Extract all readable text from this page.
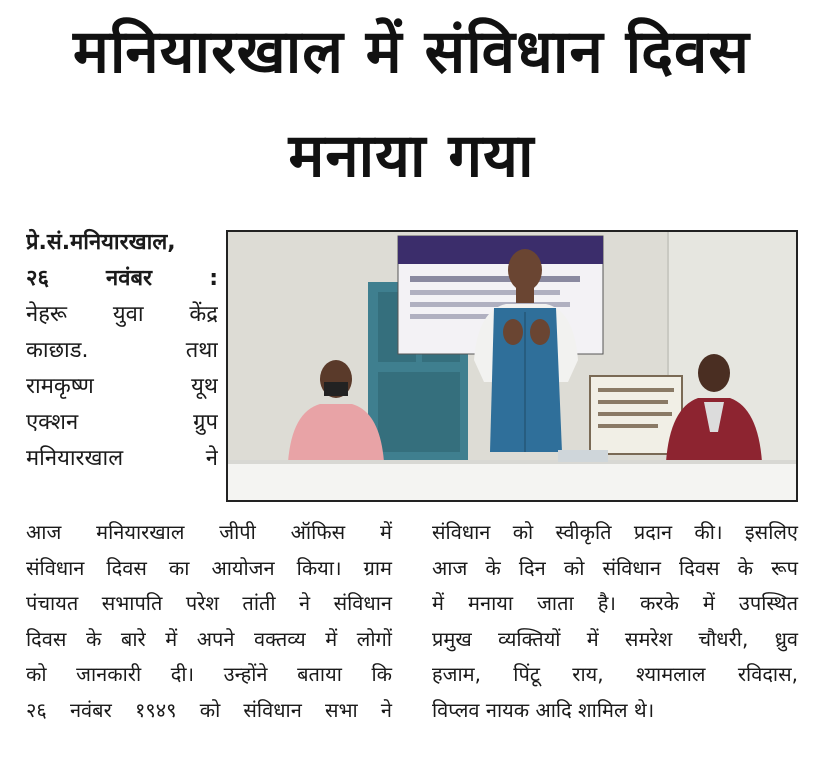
मनियारखाल में संविधान दिवस
मनाया गया
प्रे.सं.मनियारखाल,
२६ नवंबर :
नेहरू युवा केंद्र
काछाड. तथा
रामकृष्ण यूथ
एक्शन ग्रुप
मनियारखाल ने
आज मनियारखाल जीपी ऑफिस में
संविधान दिवस का आयोजन किया। ग्राम
पंचायत सभापति परेश तांती ने संविधान
दिवस के बारे में अपने वक्तव्य में लोगों
को जानकारी दी। उन्होंने बताया कि
२६ नवंबर १९४९ को संविधान सभा ने
संविधान को स्वीकृति प्रदान की। इसलिए
आज के दिन को संविधान दिवस के रूप
में मनाया जाता है। करके में उपस्थित
प्रमुख व्यक्तियों में समरेश चौधरी, ध्रुव
हजाम, पिंटू राय, श्यामलाल रविदास,
विप्लव नायक आदि शामिल थे।
